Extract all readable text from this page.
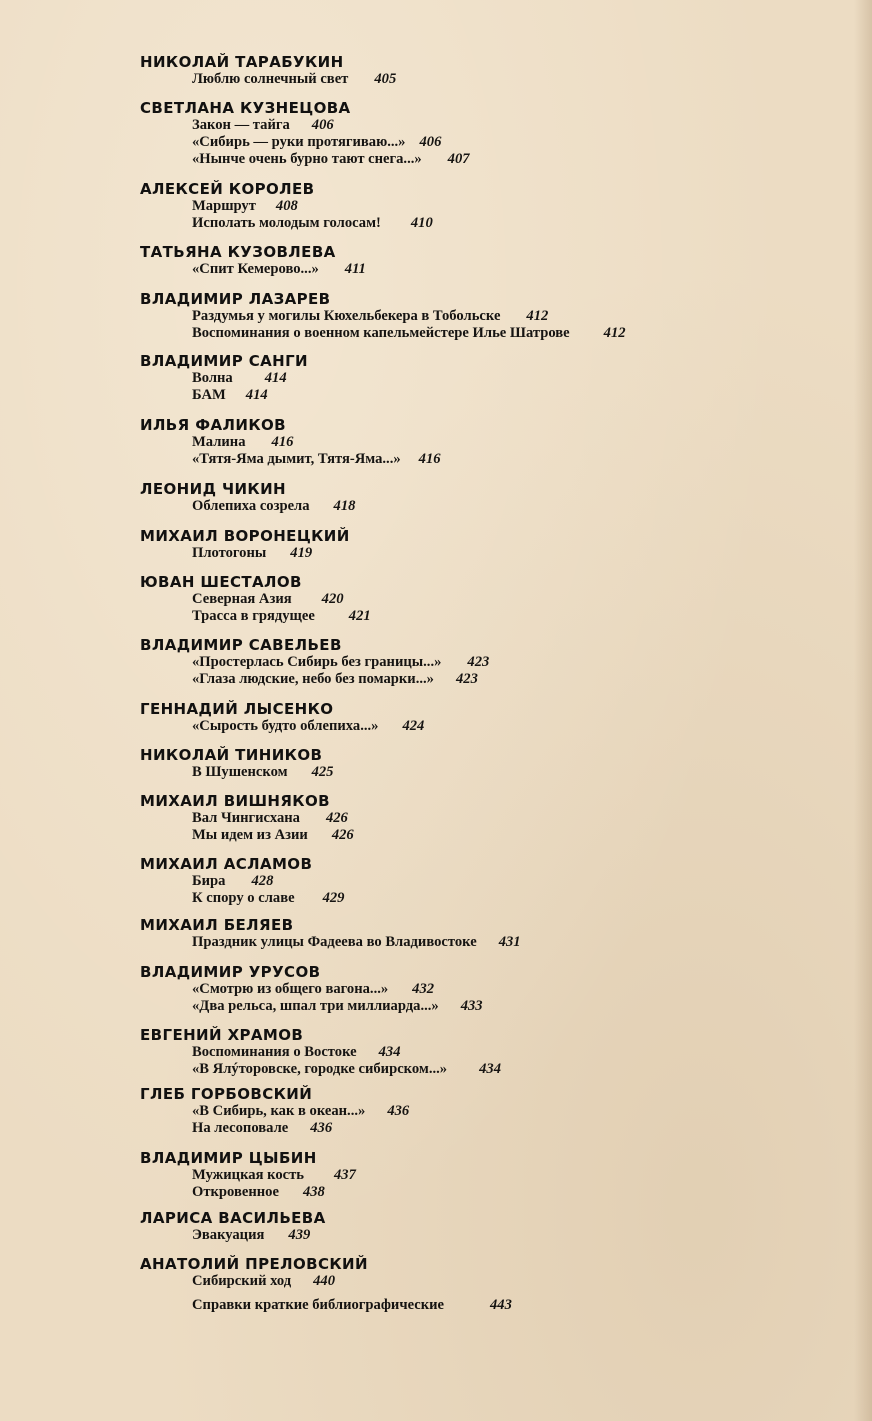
Справки краткие библиографические	443
НИКОЛАЙ ТАРАБУКИН
Люблю солнечный свет 405
СВЕТЛАНА КУЗНЕЦОВА
Закон — тайга 406
«Сибирь — руки протягиваю...» 406
«Нынче очень бурно тают снега...» 407
АЛЕКСЕЙ КОРОЛЕВ
Маршрут 408
Исполать молодым голосам! 410
ТАТЬЯНА КУЗОВЛЕВА
«Спит Кемерово...» 411
ВЛАДИМИР ЛАЗАРЕВ
Раздумья у могилы Кюхельбекера в Тобольске 412
Воспоминания о военном капельмейстере Илье Шатрове 412
ВЛАДИМИР САНГИ
Волна 414
БАМ 414
ИЛЬЯ ФАЛИКОВ
Малина 416
«Тятя-Яма дымит, Тятя-Яма...» 416
ЛЕОНИД ЧИКИН
Облепиха созрела 418
МИХАИЛ ВОРОНЕЦКИЙ
Плотогоны 419
ЮВАН ШЕСТАЛОВ
Северная Азия 420
Трасса в грядущее 421
ВЛАДИМИР САВЕЛЬЕВ
«Простерлась Сибирь без границы...» 423
«Глаза людские, небо без помарки...» 423
ГЕННАДИЙ ЛЫСЕНКО
«Сырость будто облепиха...» 424
НИКОЛАЙ ТИНИКОВ
В Шушенском 425
МИХАИЛ ВИШНЯКОВ
Вал Чингисхана 426
Мы идем из Азии 426
МИХАИЛ АСЛАМОВ
Бира 428
К спору о славе 429
МИХАИЛ БЕЛЯЕВ
Праздник улицы Фадеева во Владивостоке 431
ВЛАДИМИР УРУСОВ
«Смотрю из общего вагона...» 432
«Два рельса, шпал три миллиарда...» 433
ЕВГЕНИЙ ХРАМОВ
Воспоминания о Востоке 434
«В Ялýторовске, городке сибирском...» 434
ГЛЕБ ГОРБОВСКИЙ
«В Сибирь, как в океан...» 436
На лесоповале 436
ВЛАДИМИР ЦЫБИН
Мужицкая кость 437
Откровенное 438
ЛАРИСА ВАСИЛЬЕВА
Эвакуация 439
АНАТОЛИЙ ПРЕЛОВСКИЙ
Сибирский ход 440
